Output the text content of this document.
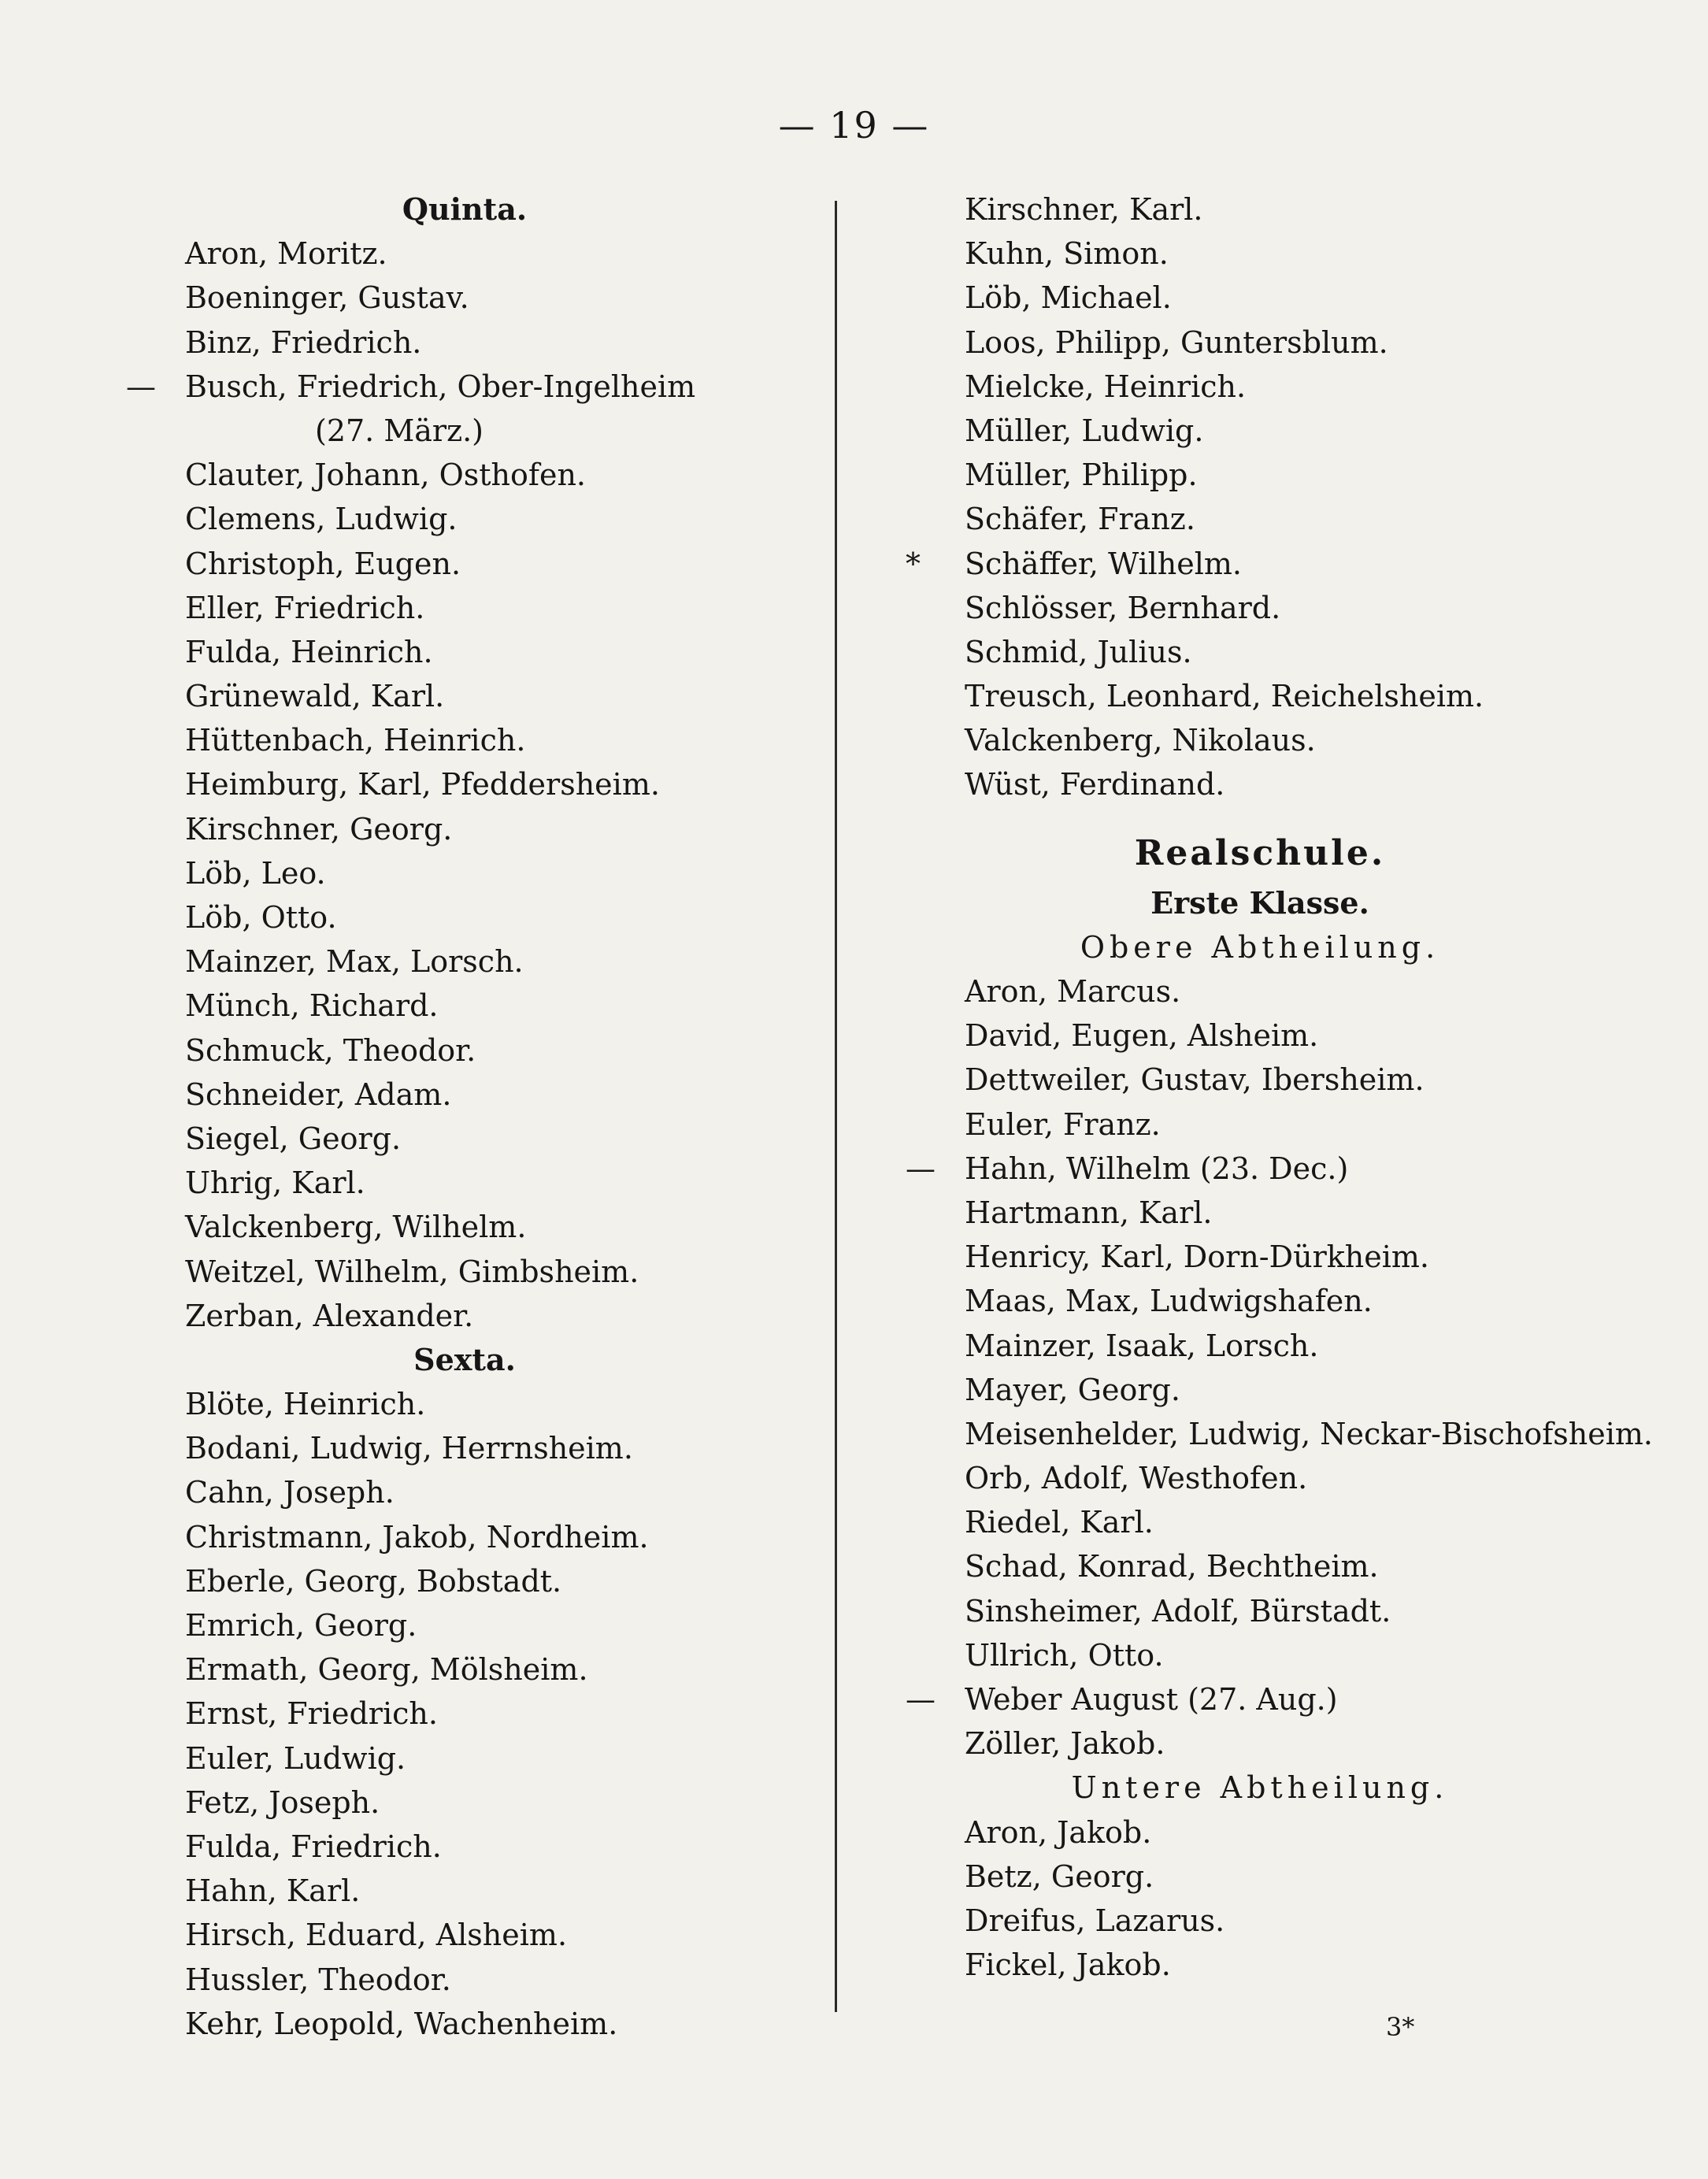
— 19 —
Quinta.
Aron, Moritz.
Boeninger, Gustav.
Binz, Friedrich.
— Busch, Friedrich, Ober-Ingelheim
(27. März.)
Clauter, Johann, Osthofen.
Clemens, Ludwig.
Christoph, Eugen.
Eller, Friedrich.
Fulda, Heinrich.
Grünewald, Karl.
Hüttenbach, Heinrich.
Heimburg, Karl, Pfeddersheim.
Kirschner, Georg.
Löb, Leo.
Löb, Otto.
Mainzer, Max, Lorsch.
Münch, Richard.
Schmuck, Theodor.
Schneider, Adam.
Siegel, Georg.
Uhrig, Karl.
Valckenberg, Wilhelm.
Weitzel, Wilhelm, Gimbsheim.
Zerban, Alexander.
Sexta.
Blöte, Heinrich.
Bodani, Ludwig, Herrnsheim.
Cahn, Joseph.
Christmann, Jakob, Nordheim.
Eberle, Georg, Bobstadt.
Emrich, Georg.
Ermath, Georg, Mölsheim.
Ernst, Friedrich.
Euler, Ludwig.
Fetz, Joseph.
Fulda, Friedrich.
Hahn, Karl.
Hirsch, Eduard, Alsheim.
Hussler, Theodor.
Kehr, Leopold, Wachenheim.
Kirschner, Karl.
Kuhn, Simon.
Löb, Michael.
Loos, Philipp, Guntersblum.
Mielcke, Heinrich.
Müller, Ludwig.
Müller, Philipp.
Schäfer, Franz.
*	Schäffer, Wilhelm.
Schlösser, Bernhard.
Schmid, Julius.
Treusch, Leonhard, Reichelsheim.
Valckenberg, Nikolaus.
Wüst, Ferdinand.
Realschule.
Erste Klasse.
Obere Abtheilung.
Aron, Marcus.
David, Eugen, Alsheim.
Dettweiler, Gustav, Ibersheim.
Euler, Franz.
— Hahn, Wilhelm (23. Dec.)
Hartmann, Karl.
Henricy, Karl, Dorn-Dürkheim.
Maas, Max, Ludwigshafen.
Mainzer, Isaak, Lorsch.
Mayer, Georg.
Meisenhelder, Ludwig, Neckar-Bischofsheim.
Orb, Adolf, Westhofen.
Riedel, Karl.
Schad, Konrad, Bechtheim.
Sinsheimer, Adolf, Bürstadt.
Ullrich, Otto.
— Weber August (27. Aug.)
Zöller, Jakob.
Untere Abtheilung.
Aron, Jakob.
Betz, Georg.
Dreifus, Lazarus.
Fickel, Jakob.
3*
